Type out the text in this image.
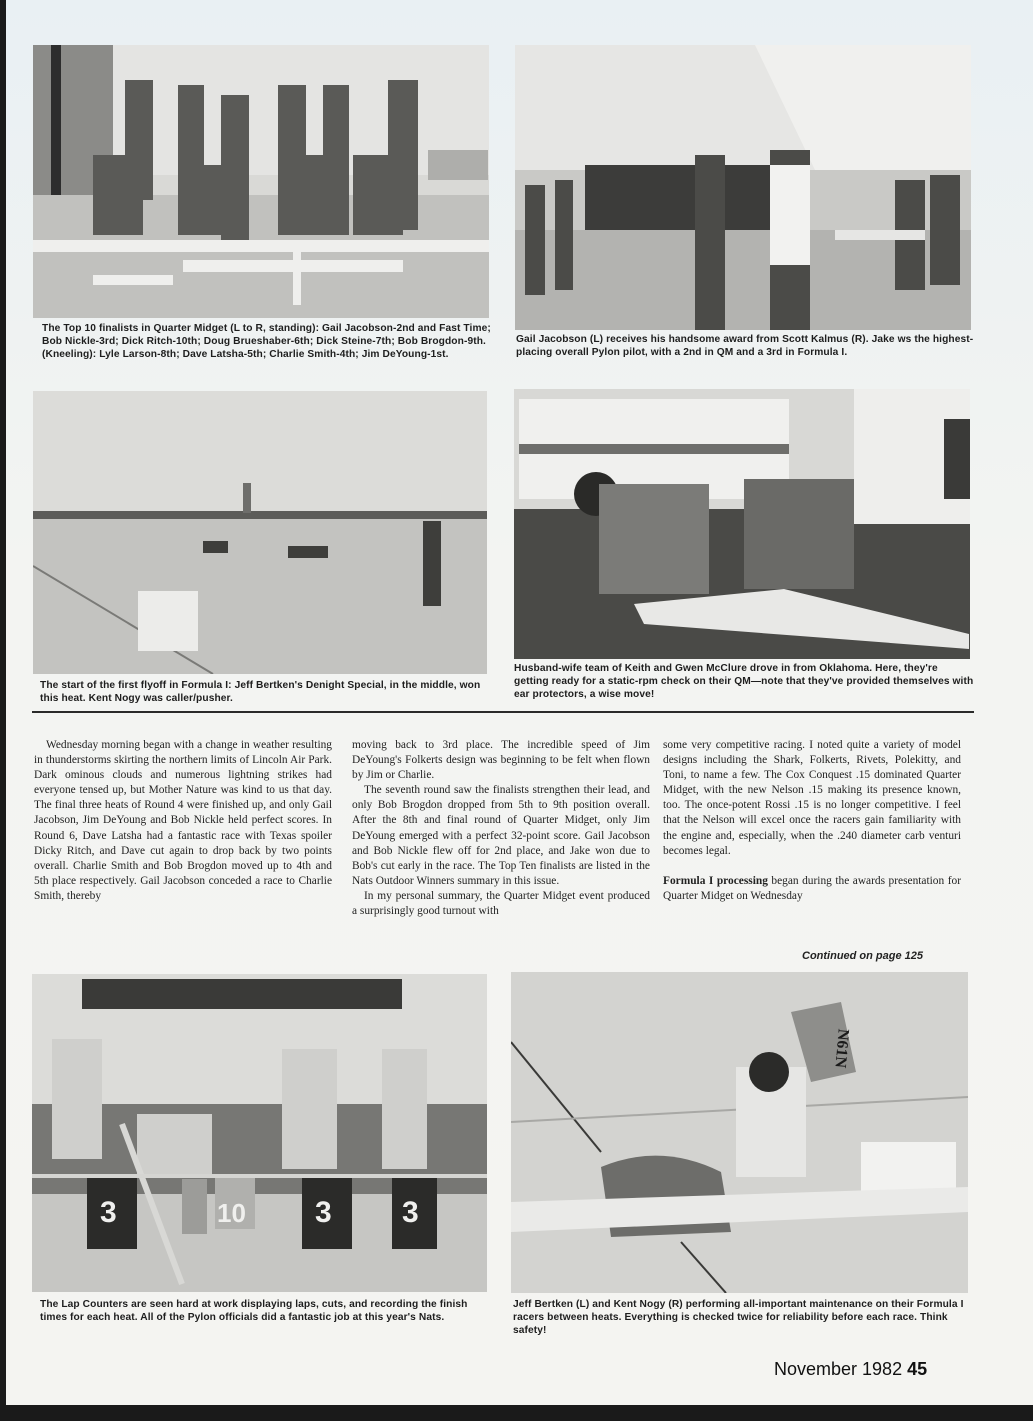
The Top 10 finalists in Quarter Midget (L to R, standing): Gail Jacobson-2nd and Fast Time; Bob Nickle-3rd; Dick Ritch-10th; Doug Brueshaber-6th; Dick Steine-7th; Bob Brogdon-9th. (Kneeling): Lyle Larson-8th; Dave Latsha-5th; Charlie Smith-4th; Jim DeYoung-1st.
Gail Jacobson (L) receives his handsome award from Scott Kalmus (R). Jake ws the highest-placing overall Pylon pilot, with a 2nd in QM and a 3rd in Formula I.
The start of the first flyoff in Formula I: Jeff Bertken's Denight Special, in the middle, won this heat. Kent Nogy was caller/pusher.
Husband-wife team of Keith and Gwen McClure drove in from Oklahoma. Here, they're getting ready for a static-rpm check on their QM—note that they've provided themselves with ear protectors, a wise move!

Wednesday morning began with a change in weather resulting in thunderstorms skirting the northern limits of Lincoln Air Park. Dark ominous clouds and numerous lightning strikes had everyone tensed up, but Mother Nature was kind to us that day. The final three heats of Round 4 were finished up, and only Gail Jacobson, Jim DeYoung and Bob Nickle held perfect scores. In Round 6, Dave Latsha had a fantastic race with Texas spoiler Dicky Ritch, and Dave cut again to drop back by two points overall. Charlie Smith and Bob Brogdon moved up to 4th and 5th place respectively. Gail Jacobson conceded a race to Charlie Smith, thereby

moving back to 3rd place. The incredible speed of Jim DeYoung's Folkerts design was beginning to be felt when flown by Jim or Charlie.

The seventh round saw the finalists strengthen their lead, and only Bob Brogdon dropped from 5th to 9th position overall. After the 8th and final round of Quarter Midget, only Jim DeYoung emerged with a perfect 32-point score. Gail Jacobson and Bob Nickle flew off for 2nd place, and Jake won due to Bob's cut early in the race. The Top Ten finalists are listed in the Nats Outdoor Winners summary in this issue.

In my personal summary, the Quarter Midget event produced a surprisingly good turnout with

some very competitive racing. I noted quite a variety of model designs including the Shark, Folkerts, Rivets, Polekitty, and Toni, to name a few. The Cox Conquest .15 dominated Quarter Midget, with the new Nelson .15 making its presence known, too. The once-potent Rossi .15 is no longer competitive. I feel that the Nelson will excel once the racers gain familiarity with the engine and, especially, when the .240 diameter carb venturi becomes legal.

Formula I processing began during the awards presentation for Quarter Midget on Wednesday

Continued on page 125
3	10 3 3
The Lap Counters are seen hard at work displaying laps, cuts, and recording the finish times for each heat. All of the Pylon officials did a fantastic job at this year's Nats.
N61N
Jeff Bertken (L) and Kent Nogy (R) performing all-important maintenance on their Formula I racers between heats. Everything is checked twice for reliability before each race. Think safety!
November 1982 45
